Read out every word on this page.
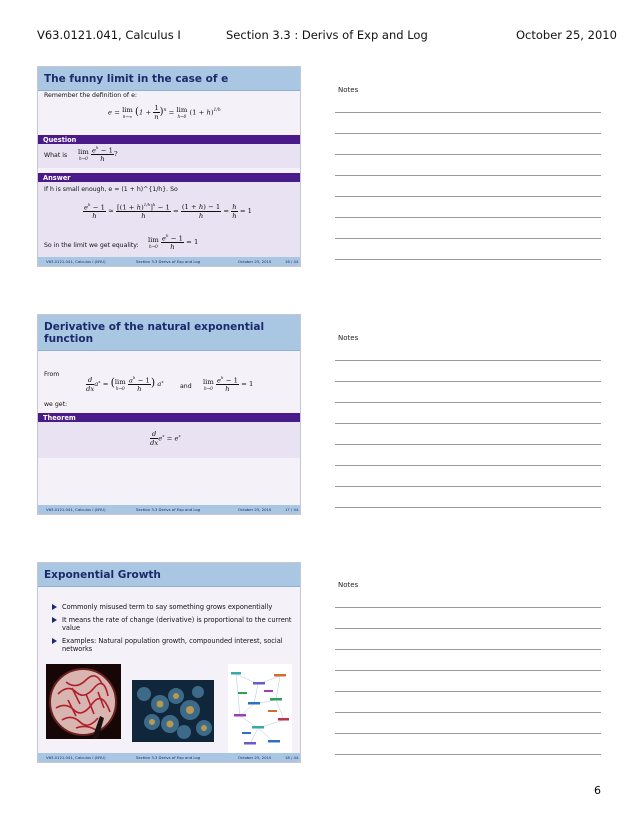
V63.0121.041, Calculus I	Section 3.3 : Derivs of Exp and Log	October 25, 2010
The funny limit in the case of e
Remember the definition of e:
e = lim
n→∞ $(1 + \frac{1}{n} )^n = \lim$
h→0 $(1 + h)^{1/h}$
Question
What is lim
h→0
$\frac{e^h - 1}{h}$ ?
Answer
If h is small enough, e ≈ (1 + h)^{1/h}. So
$\frac{e^h - 1}{h} \approx \frac{[(1 + h)^{1/h}]^h - 1}{h} = \frac{(1 + h) - 1}{h} = \frac{h}{h} = 1$
So in the limit we get equality:
lim
h→0
$\frac{e^h - 1}{h} = 1$
V63.0121.041, Calculus I (NYU)	Section 3.3 Derivs of Exp and Log	October 25, 2010	16 / 44
Derivative of the natural exponential function
From
$\frac{d}{dx} a^x = (\lim$
h→0
$\frac{a^h - 1}{h}$ ) $a^x$
and
lim
h→0
$\frac{e^h - 1}{h} = 1$
we get:
Theorem
$\frac{d}{dx} e^x = e^x$
V63.0121.041, Calculus I (NYU)	Section 3.3 Derivs of Exp and Log	October 25, 2010	17 / 44
Exponential Growth
Commonly misused term to say something grows exponentially
It means the rate of change (derivative) is proportional to the current value
Examples: Natural population growth, compounded interest, social networks
V63.0121.041, Calculus I (NYU)	Section 3.3 Derivs of Exp and Log	October 25, 2010	18 / 44
Notes
Notes
Notes
6
